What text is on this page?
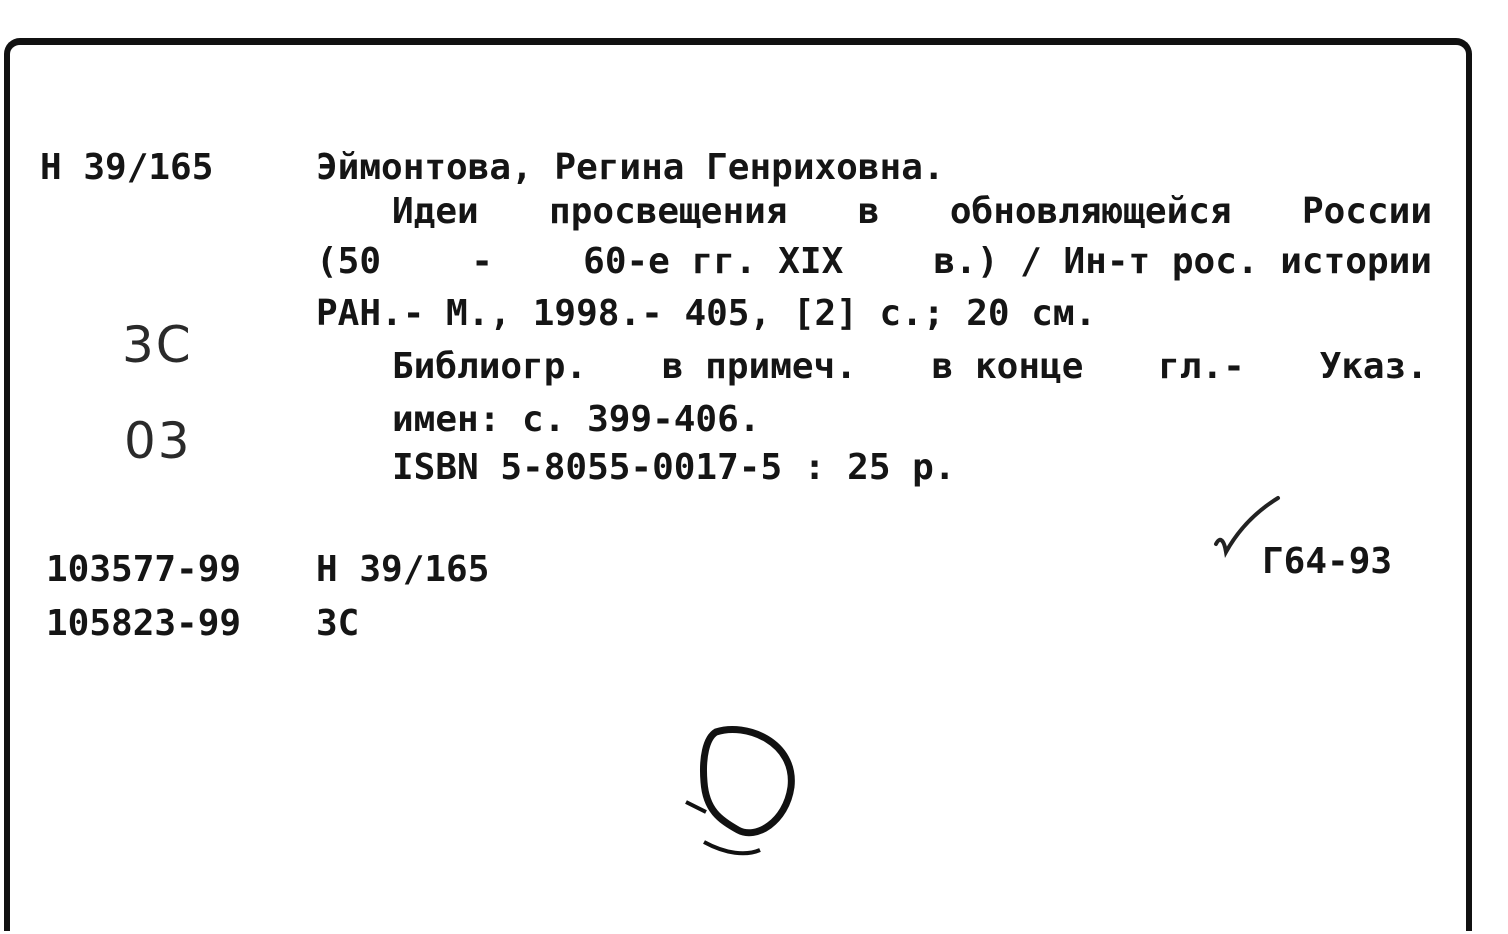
Н 39/165	Эймонтова, Регина Генриховна.
Идеи просвещения в обновляющейся России
(50	-	60-е гг. XIX	в.) / Ин-т рос. истории
РАН.- М., 1998.- 405, [2] с.; 20 см.
Библиогр. в примеч. в конце гл.- Указ.
имен: с. 399-406.
ISBN 5-8055-0017-5 : 25 р.
3С
03
103577-99 Н 39/165
105823-99 ЗС
Г64-93
